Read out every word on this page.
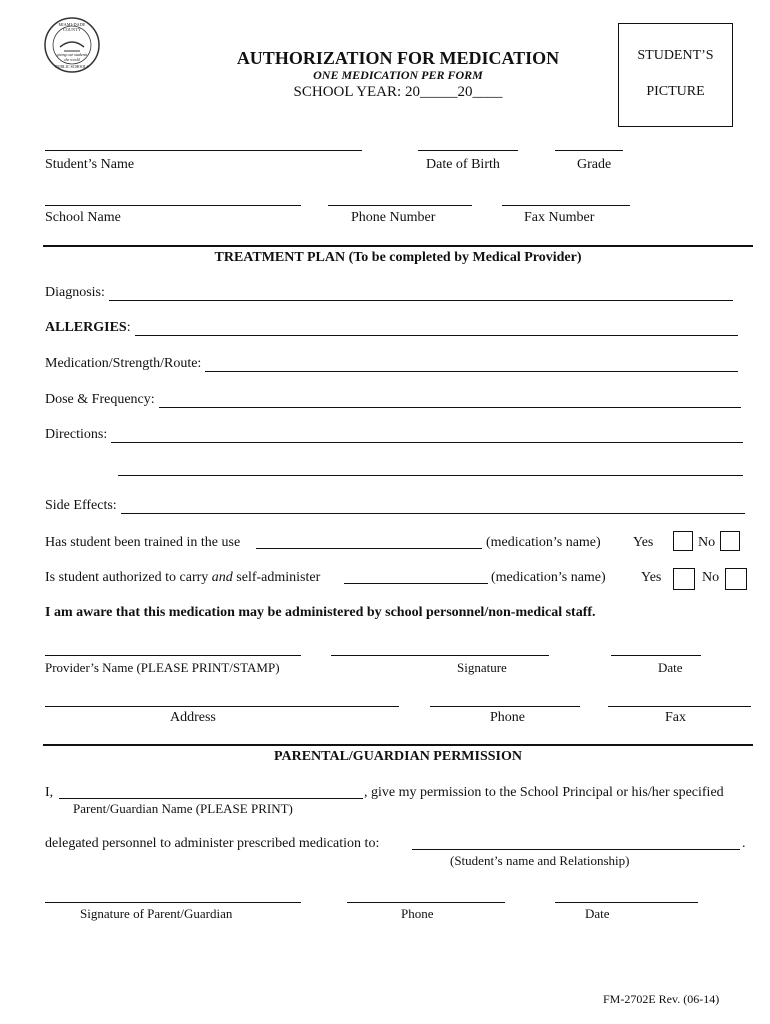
MIAMI-DADE COUNTY
giving our students
the world
PUBLIC SCHOOLS	AUTHORIZATION FOR MEDICATION
ONE MEDICATION PER FORM
SCHOOL YEAR: 20_____20____
STUDENT’S
PICTURE
Student’s Name	Date of Birth	Grade
School Name	Phone Number	Fax Number
TREATMENT PLAN (To be completed by Medical Provider)
Diagnosis:
ALLERGIES :
Medication/Strength/Route:
Dose & Frequency:
Directions:
Side Effects:
Has student been trained in the use	(medication’s name) Yes	No
Is student authorized to carry and self-administer	(medication’s name)	Yes	No
I am aware that this medication may be administered by school personnel/non-medical staff.
Provider’s Name (PLEASE PRINT/STAMP)	Signature	Date
Address	Phone	Fax
PARENTAL/GUARDIAN PERMISSION
I,	, give my permission to the School Principal or his/her specified
Parent/Guardian Name (PLEASE PRINT)
delegated personnel to administer prescribed medication to:	.
(Student’s name and Relationship)
Signature of Parent/Guardian	Phone	Date
FM-2702E Rev. (06-14)
